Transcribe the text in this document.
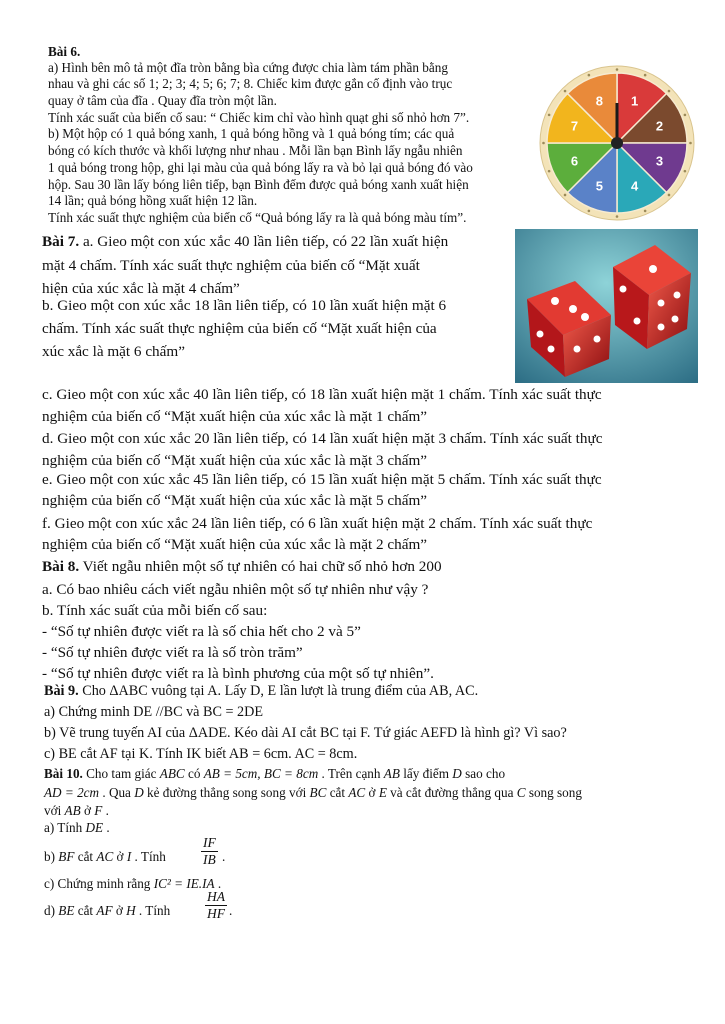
Bài 6.
a) Hình bên mô tả một đĩa tròn bằng bìa cứng được chia làm tám phần bằng
nhau và ghi các số 1; 2; 3; 4; 5; 6; 7; 8. Chiếc kim được gắn cố định vào trục
quay ở tâm của đĩa . Quay đĩa tròn một lần.
Tính xác suất của biến cố sau: “ Chiếc kim chỉ vào hình quạt ghi số nhỏ hơn 7”.
b) Một hộp có 1 quả bóng xanh, 1 quả bóng hồng và 1 quả bóng tím; các quả
bóng có kích thước và khối lượng như nhau . Mỗi lần bạn Bình lấy ngẫu nhiên
1 quả bóng trong hộp, ghi lại màu của quả bóng lấy ra và bỏ lại quả bóng đó vào
hộp. Sau 30 lần lấy bóng liên tiếp, bạn Bình đếm được quả bóng xanh xuất hiện
14 lần; quả bóng hồng xuất hiện 12 lần.
Tính xác suất thực nghiệm của biến cố “Quả bóng lấy ra là quả bóng màu tím”.
1
2
3
4
5
6
7
8
Bài 7. a. Gieo một con xúc xắc 40 lần liên tiếp, có 22 lần xuất hiện
mặt 4 chấm. Tính xác suất thực nghiệm của biến cố “Mặt xuất
hiện của xúc xắc là mặt 4 chấm”
b. Gieo một con xúc xắc 18 lần liên tiếp, có 10 lần xuất hiện mặt 6
chấm. Tính xác suất thực nghiệm của biến cố “Mặt xuất hiện của
xúc xắc là mặt 6 chấm”
c. Gieo một con xúc xắc 40 lần liên tiếp, có 18 lần xuất hiện mặt 1 chấm. Tính xác suất thực
nghiệm của biến cố “Mặt xuất hiện của xúc xắc là mặt 1 chấm”
d. Gieo một con xúc xắc 20 lần liên tiếp, có 14 lần xuất hiện mặt 3 chấm. Tính xác suất thực
nghiệm của biến cố “Mặt xuất hiện của xúc xắc là mặt 3 chấm”
e. Gieo một con xúc xắc 45 lần liên tiếp, có 15 lần xuất hiện mặt 5 chấm. Tính xác suất thực
nghiệm của biến cố “Mặt xuất hiện của xúc xắc là mặt 5 chấm”
f. Gieo một con xúc xắc 24 lần liên tiếp, có 6 lần xuất hiện mặt 2 chấm. Tính xác suất thực
nghiệm của biến cố “Mặt xuất hiện của xúc xắc là mặt 2 chấm”
Bài 8. Viết ngẫu nhiên một số tự nhiên có hai chữ số nhỏ hơn 200
a. Có bao nhiêu cách viết ngẫu nhiên một số tự nhiên như vậy ?
b. Tính xác suất của mỗi biến cố sau:
- “Số tự nhiên được viết ra là số chia hết cho 2 và 5”
- “Số tự nhiên được viết ra là số tròn trăm”
- “Số tự nhiên được viết ra là bình phương của một số tự nhiên”.
Bài 9. Cho ΔABC vuông tại A. Lấy D, E lần lượt là trung điểm của AB, AC.
a) Chứng minh DE //BC và BC = 2DE
b) Vẽ trung tuyến AI của ΔADE. Kéo dài AI cắt BC tại F. Tứ giác AEFD là hình gì? Vì sao?
c) BE cắt AF tại K. Tính IK biết AB = 6cm. AC = 8cm.
Bài 10. Cho tam giác ABC có AB = 5cm, BC = 8cm . Trên cạnh AB lấy điểm D sao cho
AD = 2cm . Qua D kẻ đường thẳng song song với BC cắt AC ở E và cắt đường thẳng qua C song song
với AB ở F .
a) Tính DE .
b) BF cắt AC ở I . Tính	$\frac{IF}{IB}$ .
c) Chứng minh rằng IC² = IE.IA .
d) BE cắt AF ở H . Tính	$\frac{HA}{HF}$ .
